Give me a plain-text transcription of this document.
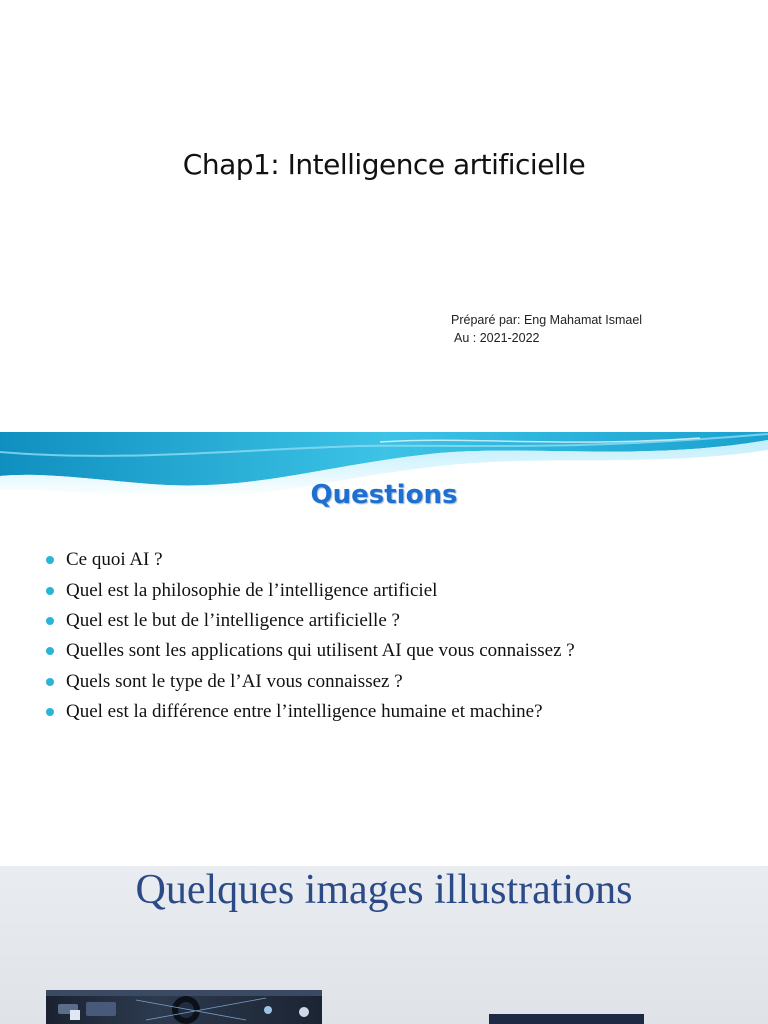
Chap1: Intelligence artificielle
Préparé par: Eng Mahamat Ismael
Au : 2021-2022
Questions
Ce quoi AI ?
Quel est la philosophie de l’intelligence artificiel
Quel est le but de l’intelligence artificielle ?
Quelles sont les applications qui utilisent AI que vous connaissez ?
Quels sont le type de l’AI vous connaissez ?
Quel est la différence entre l’intelligence humaine et machine?
Quelques images illustrations
